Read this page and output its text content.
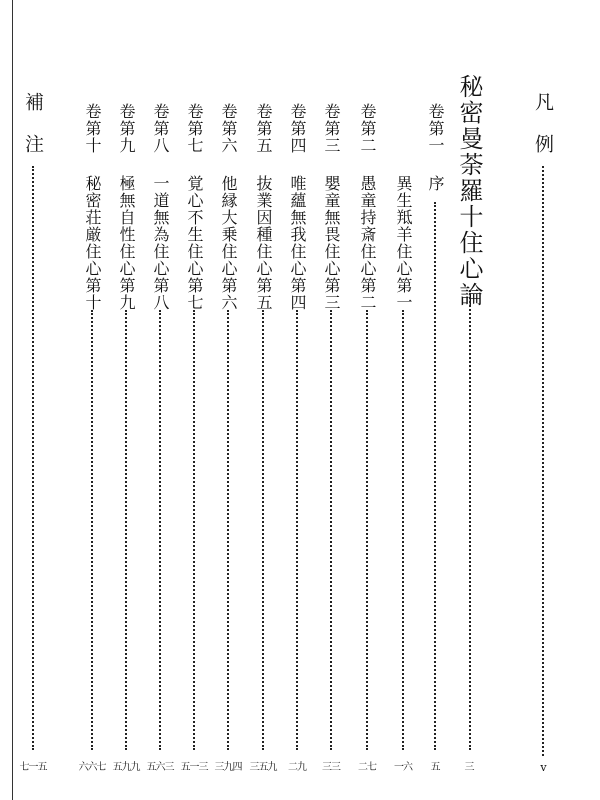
凡　例
v
秘密曼荼羅十住心論
三
卷第一
序
五
異生羝羊住心第一
一六
卷第二
愚童持斎住心第二
二七
卷第三
嬰童無畏住心第三
三三
卷第四
唯蘊無我住心第四
二九
卷第五
抜業因種住心第五
三五九
卷第六
他縁大乗住心第六
三九四
卷第七
覚心不生住心第七
五一三
卷第八
一道無為住心第八
五六三
卷第九
極無自性住心第九
五九九
卷第十
秘密荘厳住心第十
六六七
補　注
七一五
